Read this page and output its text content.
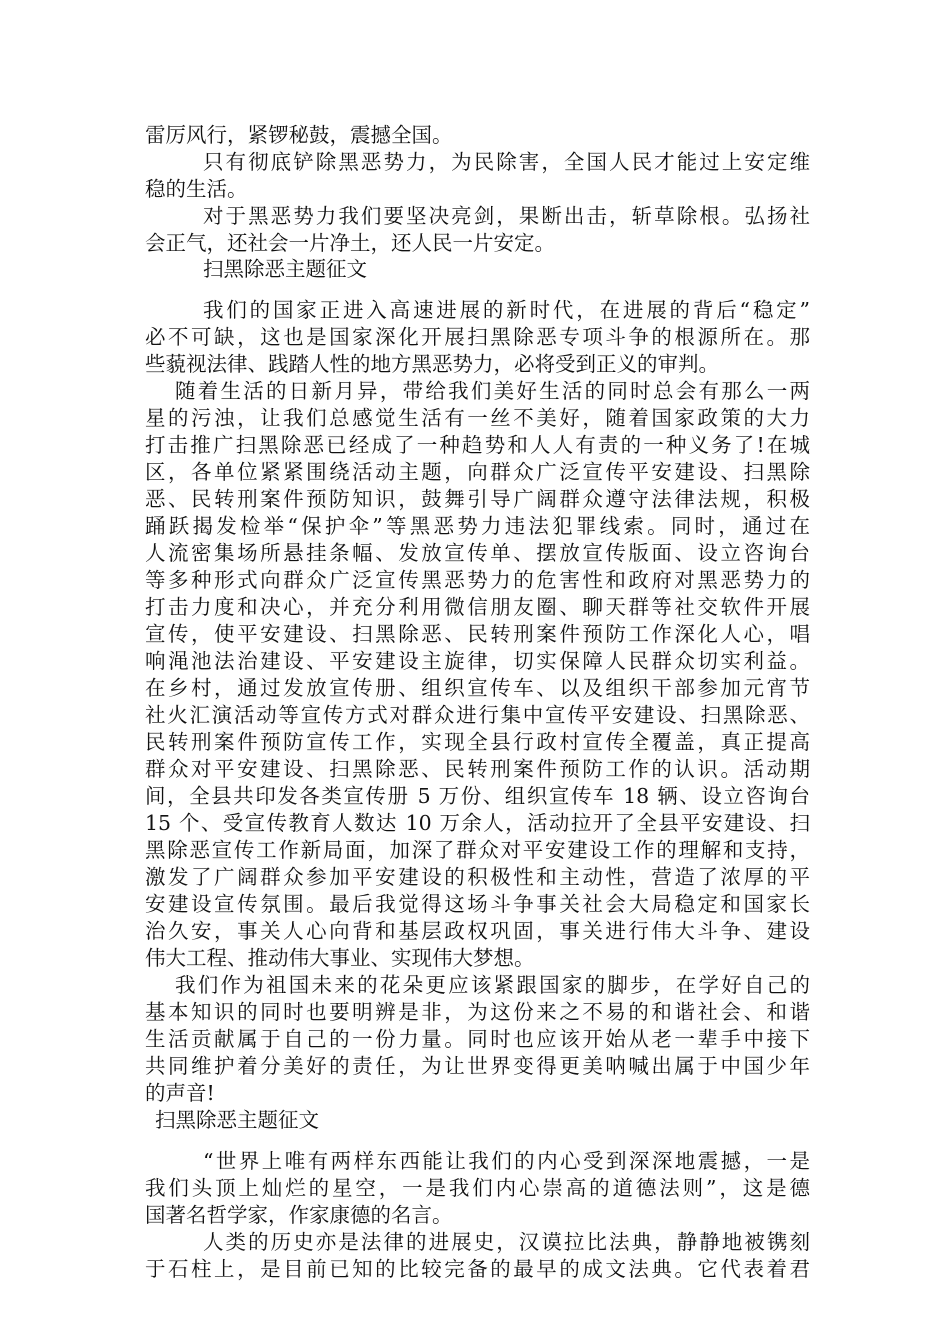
雷厉风行，紧锣秘鼓，震撼全国。
只有彻底铲除黑恶势力，为民除害，全国人民才能过上安定维
稳的生活。
对于黑恶势力我们要坚决亮剑，果断出击，斩草除根。弘扬社
会正气，还社会一片净土，还人民一片安定。
扫黑除恶主题征文
我们的国家正进入高速进展的新时代，在进展的背后“稳定”
必不可缺，这也是国家深化开展扫黑除恶专项斗争的根源所在。那
些藐视法律、践踏人性的地方黑恶势力，必将受到正义的审判。
随着生活的日新月异，带给我们美好生活的同时总会有那么一两
星的污浊，让我们总感觉生活有一丝不美好，随着国家政策的大力
打击推广扫黑除恶已经成了一种趋势和人人有责的一种义务了!在城
区，各单位紧紧围绕活动主题，向群众广泛宣传平安建设、扫黑除
恶、民转刑案件预防知识，鼓舞引导广阔群众遵守法律法规，积极
踊跃揭发检举“保护伞”等黑恶势力违法犯罪线索。同时，通过在
人流密集场所悬挂条幅、发放宣传单、摆放宣传版面、设立咨询台
等多种形式向群众广泛宣传黑恶势力的危害性和政府对黑恶势力的
打击力度和决心，并充分利用微信朋友圈、聊天群等社交软件开展
宣传，使平安建设、扫黑除恶、民转刑案件预防工作深化人心，唱
响渑池法治建设、平安建设主旋律，切实保障人民群众切实利益。
在乡村，通过发放宣传册、组织宣传车、以及组织干部参加元宵节
社火汇演活动等宣传方式对群众进行集中宣传平安建设、扫黑除恶、
民转刑案件预防宣传工作，实现全县行政村宣传全覆盖，真正提高
群众对平安建设、扫黑除恶、民转刑案件预防工作的认识。活动期
间，全县共印发各类宣传册 5 万份、组织宣传车 18 辆、设立咨询台
15 个、受宣传教育人数达 10 万余人，活动拉开了全县平安建设、扫
黑除恶宣传工作新局面，加深了群众对平安建设工作的理解和支持，
激发了广阔群众参加平安建设的积极性和主动性，营造了浓厚的平
安建设宣传氛围。最后我觉得这场斗争事关社会大局稳定和国家长
治久安，事关人心向背和基层政权巩固，事关进行伟大斗争、建设
伟大工程、推动伟大事业、实现伟大梦想。
我们作为祖国未来的花朵更应该紧跟国家的脚步，在学好自己的
基本知识的同时也要明辨是非，为这份来之不易的和谐社会、和谐
生活贡献属于自己的一份力量。同时也应该开始从老一辈手中接下
共同维护着分美好的责任，为让世界变得更美呐喊出属于中国少年
的声音!
扫黑除恶主题征文
“世界上唯有两样东西能让我们的内心受到深深地震撼，一是
我们头顶上灿烂的星空，一是我们内心崇高的道德法则”，这是德
国著名哲学家，作家康德的名言。
人类的历史亦是法律的进展史，汉谟拉比法典，静静地被镌刻
于石柱上，是目前已知的比较完备的最早的成文法典。它代表着君
